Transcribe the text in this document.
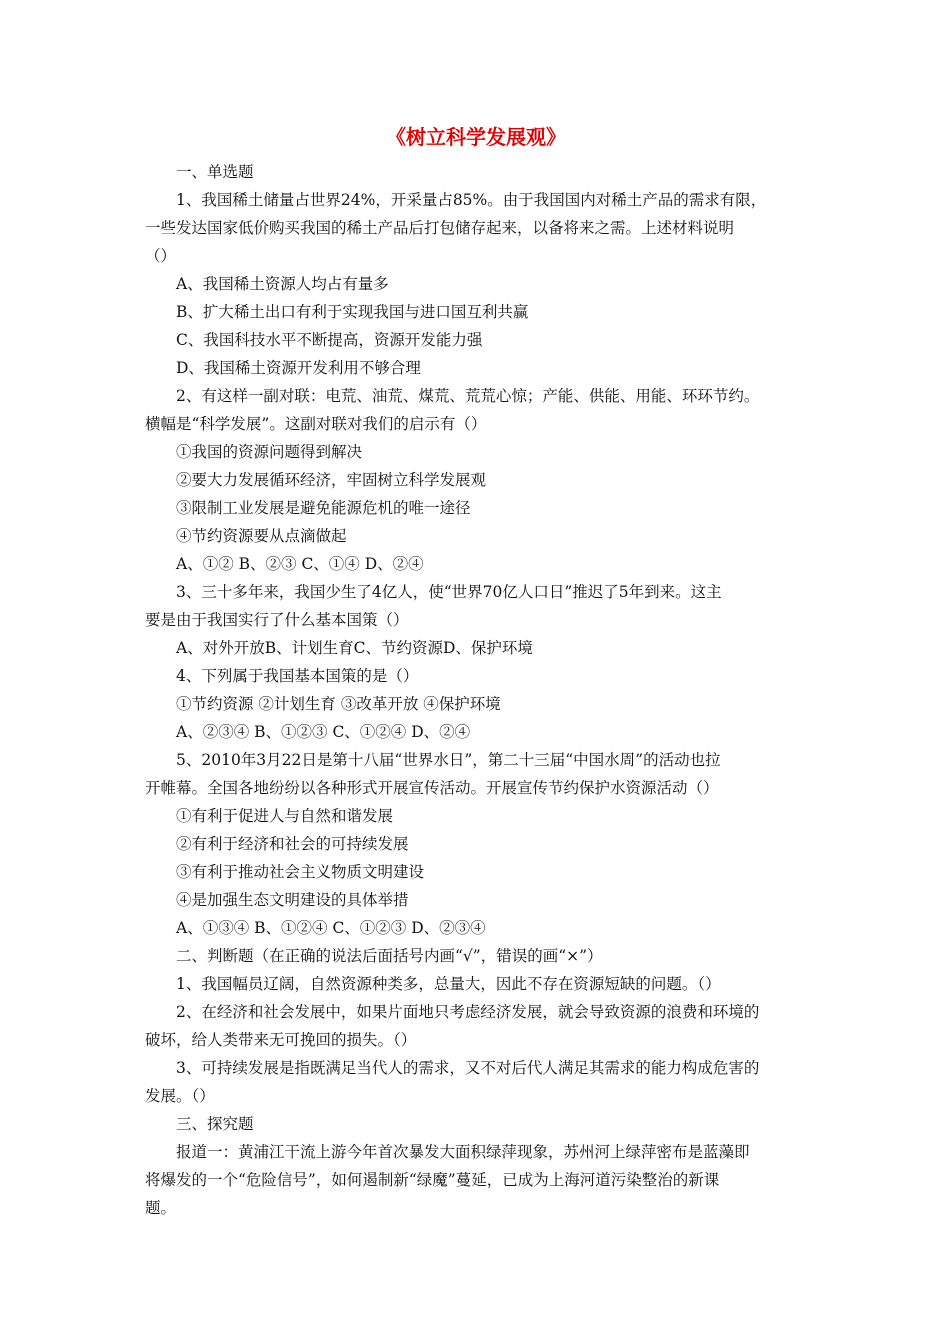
《树立科学发展观》
一、单选题
1、我国稀土储量占世界24%，开采量占85%。由于我国国内对稀土产品的需求有限，
一些发达国家低价购买我国的稀土产品后打包储存起来，以备将来之需。上述材料说明
（）
A、我国稀土资源人均占有量多
B、扩大稀土出口有利于实现我国与进口国互利共赢
C、我国科技水平不断提高，资源开发能力强
D、我国稀土资源开发利用不够合理
2、有这样一副对联：电荒、油荒、煤荒、荒荒心惊；产能、供能、用能、环环节约。
横幅是“科学发展”。这副对联对我们的启示有（）
①我国的资源问题得到解决
②要大力发展循环经济，牢固树立科学发展观
③限制工业发展是避免能源危机的唯一途径
④节约资源要从点滴做起
A、①② B、②③ C、①④ D、②④
3、三十多年来，我国少生了4亿人，使“世界70亿人口日”推迟了5年到来。这主
要是由于我国实行了什么基本国策（）
A、对外开放B、计划生育C、节约资源D、保护环境
4、下列属于我国基本国策的是（）
①节约资源 ②计划生育 ③改革开放 ④保护环境
A、②③④ B、①②③ C、①②④ D、②④
5、2010年3月22日是第十八届“世界水日”，第二十三届“中国水周”的活动也拉
开帷幕。全国各地纷纷以各种形式开展宣传活动。开展宣传节约保护水资源活动（）
①有利于促进人与自然和谐发展
②有利于经济和社会的可持续发展
③有利于推动社会主义物质文明建设
④是加强生态文明建设的具体举措
A、①③④ B、①②④ C、①②③ D、②③④
二、判断题（在正确的说法后面括号内画“√”，错误的画“×”）
1、我国幅员辽阔，自然资源种类多，总量大，因此不存在资源短缺的问题。（）
2、在经济和社会发展中，如果片面地只考虑经济发展，就会导致资源的浪费和环境的
破坏，给人类带来无可挽回的损失。（）
3、可持续发展是指既满足当代人的需求，又不对后代人满足其需求的能力构成危害的
发展。（）
三、探究题
报道一：黄浦江干流上游今年首次暴发大面积绿萍现象，苏州河上绿萍密布是蓝藻即
将爆发的一个“危险信号”，如何遏制新“绿魔”蔓延，已成为上海河道污染整治的新课
题。
